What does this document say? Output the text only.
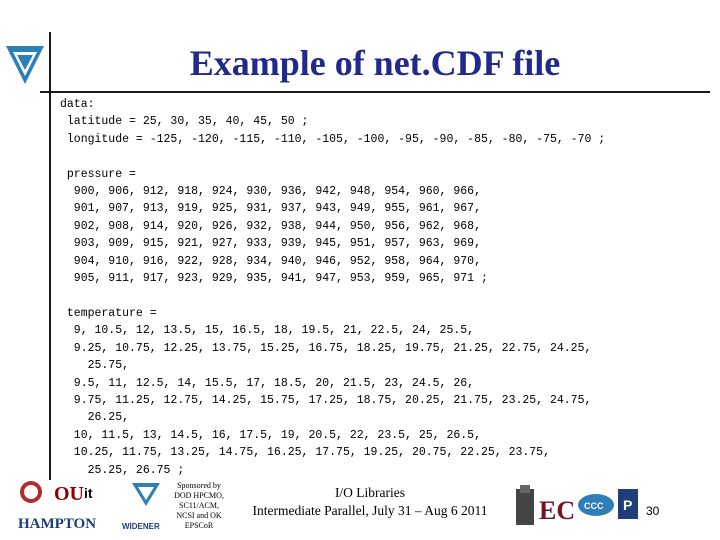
Example of net.CDF file
data:
latitude = 25, 30, 35, 40, 45, 50 ;
longitude = -125, -120, -115, -110, -105, -100, -95, -90, -85, -80, -75, -70 ;

pressure =
900, 906, 912, 918, 924, 930, 936, 942, 948, 954, 960, 966,
901, 907, 913, 919, 925, 931, 937, 943, 949, 955, 961, 967,
902, 908, 914, 920, 926, 932, 938, 944, 950, 956, 962, 968,
903, 909, 915, 921, 927, 933, 939, 945, 951, 957, 963, 969,
904, 910, 916, 922, 928, 934, 940, 946, 952, 958, 964, 970,
905, 911, 917, 923, 929, 935, 941, 947, 953, 959, 965, 971 ;

temperature =
9, 10.5, 12, 13.5, 15, 16.5, 18, 19.5, 21, 22.5, 24, 25.5,
9.25, 10.75, 12.25, 13.75, 15.25, 16.75, 18.25, 19.75, 21.25, 22.75, 24.25,
25.75,
9.5, 11, 12.5, 14, 15.5, 17, 18.5, 20, 21.5, 23, 24.5, 26,
9.75, 11.25, 12.75, 14.25, 15.75, 17.25, 18.75, 20.25, 21.75, 23.25, 24.75,
26.25,
10, 11.5, 13, 14.5, 16, 17.5, 19, 20.5, 22, 23.5, 25, 26.5,
10.25, 11.75, 13.25, 14.75, 16.25, 17.75, 19.25, 20.75, 22.25, 23.75,
25.25, 26.75 ;

OU it
HAMPTON	WIDENER
Sponsored by DOD HPCMO, SC11/ACM, NCSI and OK EPSCoR
I/O Libraries
Intermediate Parallel, July 31 – Aug 6 2011	EC CCC P 30
